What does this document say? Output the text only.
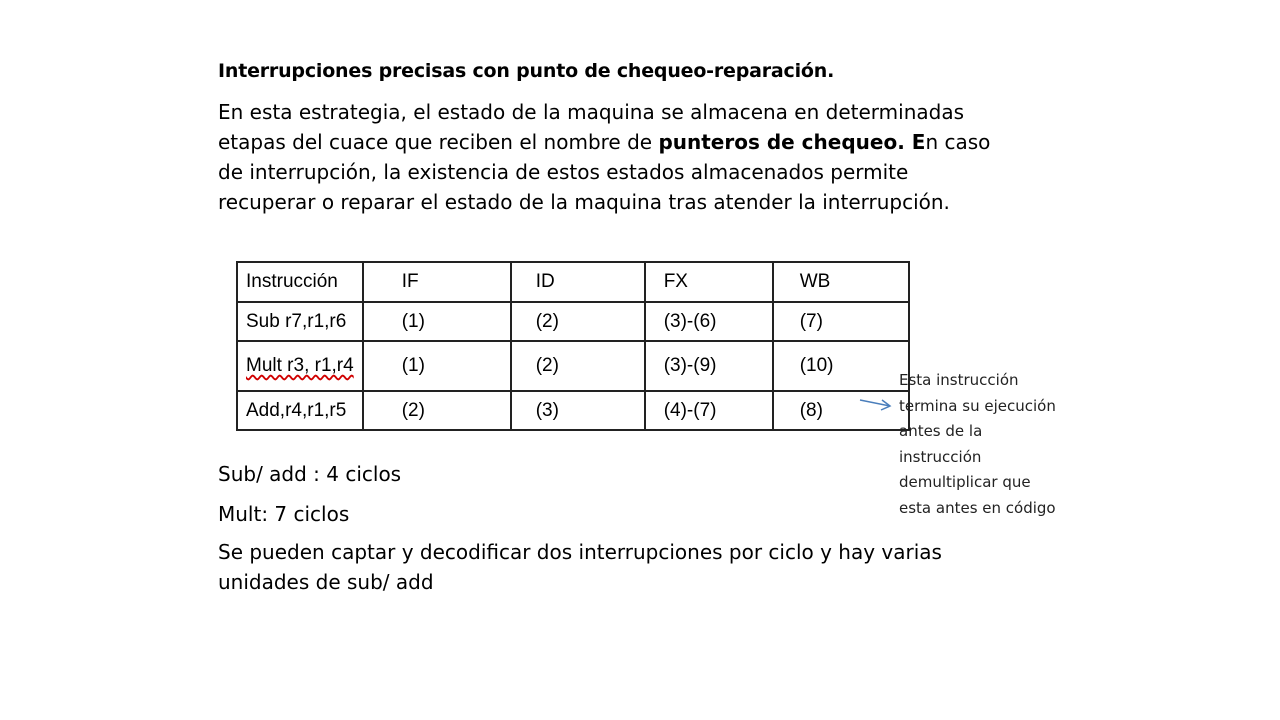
Interrupciones precisas con punto de chequeo-reparación.

En esta estrategia, el estado de la maquina se almacena en determinadas

etapas del cuace que reciben el nombre de punteros de chequeo. En caso

de interrupción, la existencia de estos estados almacenados permite

recuperar o reparar el estado de la maquina tras atender la interrupción.

Instrucción	IF	ID	FX	WB
Sub r7,r1,r6	(1)	(2)	(3)-(6)	(7)
Mult r3, r1,r4	(1)	(2)	(3)-(9)	(10)
Add,r4,r1,r5	(2)	(3)	(4)-(7)	(8)
Esta instrucción
termina su ejecución
antes de la
instrucción
demultiplicar que
esta antes en código

Sub/ add : 4 ciclos

Mult: 7 ciclos

Se pueden captar y decodificar dos interrupciones por ciclo y hay varias

unidades de sub/ add
